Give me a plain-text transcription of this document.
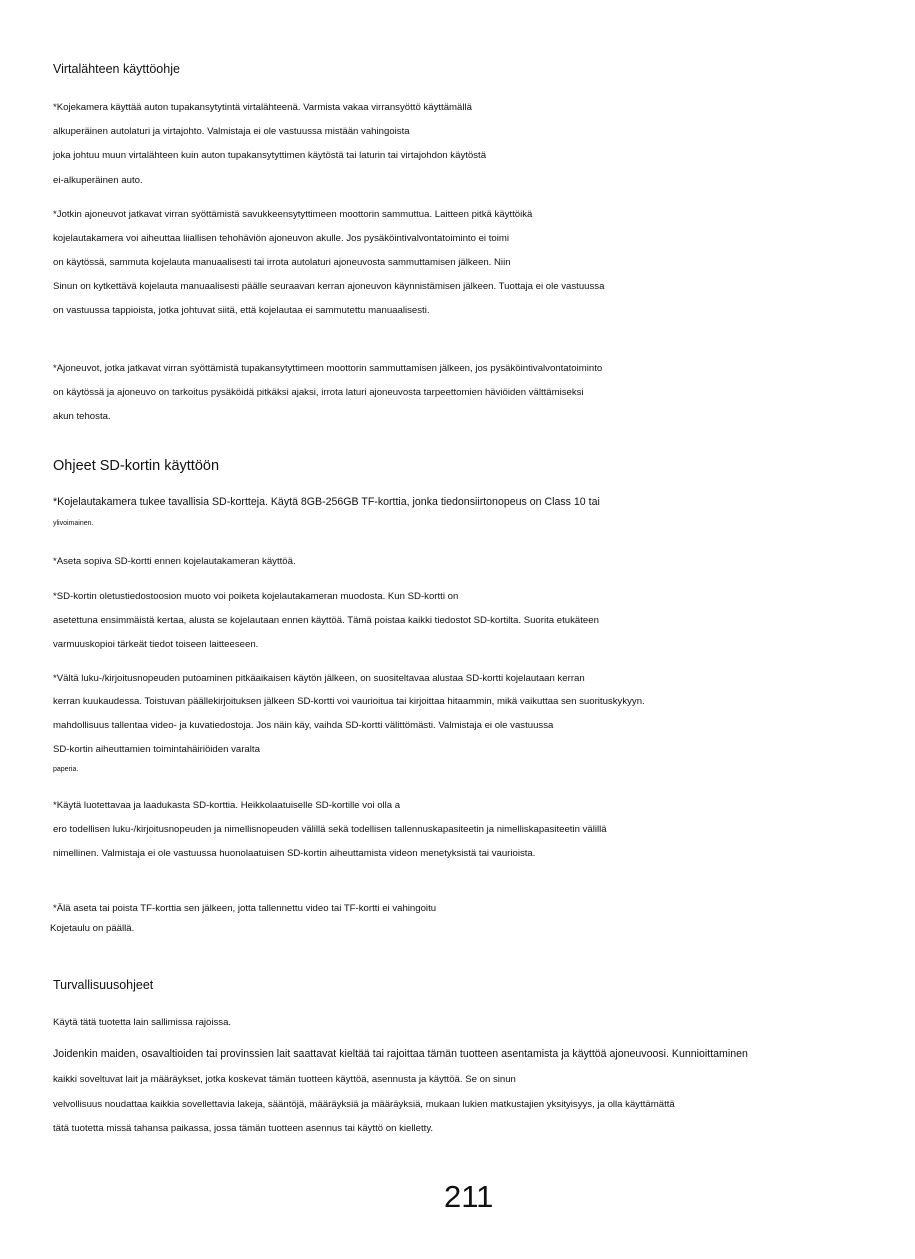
Virtalähteen käyttöohje
*Kojekamera käyttää auton tupakansytytintä virtalähteenä. Varmista vakaa virransyöttö käyttämällä
alkuperäinen autolaturi ja virtajohto. Valmistaja ei ole vastuussa mistään vahingoista
joka johtuu muun virtalähteen kuin auton tupakansytyttimen käytöstä tai laturin tai virtajohdon käytöstä
ei-alkuperäinen auto.
*Jotkin ajoneuvot jatkavat virran syöttämistä savukkeensytyttimeen moottorin sammuttua. Laitteen pitkä käyttöikä
kojelautakamera voi aiheuttaa liiallisen tehohäviön ajoneuvon akulle. Jos pysäköintivalvontatoiminto ei toimi
on käytössä, sammuta kojelauta manuaalisesti tai irrota autolaturi ajoneuvosta sammuttamisen jälkeen. Niin
Sinun on kytkettävä kojelauta manuaalisesti päälle seuraavan kerran ajoneuvon käynnistämisen jälkeen. Tuottaja ei ole vastuussa
on vastuussa tappioista, jotka johtuvat siitä, että kojelautaa ei sammutettu manuaalisesti.
*Ajoneuvot, jotka jatkavat virran syöttämistä tupakansytyttimeen moottorin sammuttamisen jälkeen, jos pysäköintivalvontatoiminto
on käytössä ja ajoneuvo on tarkoitus pysäköidä pitkäksi ajaksi, irrota laturi ajoneuvosta tarpeettomien häviöiden välttämiseksi
akun tehosta.
Ohjeet SD-kortin käyttöön
*Kojelautakamera tukee tavallisia SD-kortteja. Käytä 8GB-256GB TF-korttia, jonka tiedonsiirtonopeus on Class 10 tai
ylivoimainen.
*Aseta sopiva SD-kortti ennen kojelautakameran käyttöä.
*SD-kortin oletustiedostoosion muoto voi poiketa kojelautakameran muodosta. Kun SD-kortti on
asetettuna ensimmäistä kertaa, alusta se kojelautaan ennen käyttöä. Tämä poistaa kaikki tiedostot SD-kortilta. Suorita etukäteen
varmuuskopioi tärkeät tiedot toiseen laitteeseen.
*Vältä luku-/kirjoitusnopeuden putoaminen pitkäaikaisen käytön jälkeen, on suositeltavaa alustaa SD-kortti kojelautaan kerran
kerran kuukaudessa. Toistuvan päällekirjoituksen jälkeen SD-kortti voi vaurioitua tai kirjoittaa hitaammin, mikä vaikuttaa sen suorituskykyyn.
mahdollisuus tallentaa video- ja kuvatiedostoja. Jos näin käy, vaihda SD-kortti välittömästi. Valmistaja ei ole vastuussa
SD-kortin aiheuttamien toimintahäiriöiden varalta
paperia.
*Käytä luotettavaa ja laadukasta SD-korttia. Heikkolaatuiselle SD-kortille voi olla a
ero todellisen luku-/kirjoitusnopeuden ja nimellisnopeuden välillä sekä todellisen tallennuskapasiteetin ja nimelliskapasiteetin välillä
nimellinen. Valmistaja ei ole vastuussa huonolaatuisen SD-kortin aiheuttamista videon menetyksistä tai vaurioista.
*Älä aseta tai poista TF-korttia sen jälkeen, jotta tallennettu video tai TF-kortti ei vahingoitu
Kojetaulu on päällä.
Turvallisuusohjeet
Käytä tätä tuotetta lain sallimissa rajoissa.
Joidenkin maiden, osavaltioiden tai provinssien lait saattavat kieltää tai rajoittaa tämän tuotteen asentamista ja käyttöä ajoneuvoosi. Kunnioittaminen
kaikki soveltuvat lait ja määräykset, jotka koskevat tämän tuotteen käyttöä, asennusta ja käyttöä. Se on sinun
velvollisuus noudattaa kaikkia sovellettavia lakeja, sääntöjä, määräyksiä ja määräyksiä, mukaan lukien matkustajien yksityisyys, ja olla käyttämättä
tätä tuotetta missä tahansa paikassa, jossa tämän tuotteen asennus tai käyttö on kielletty.
211
